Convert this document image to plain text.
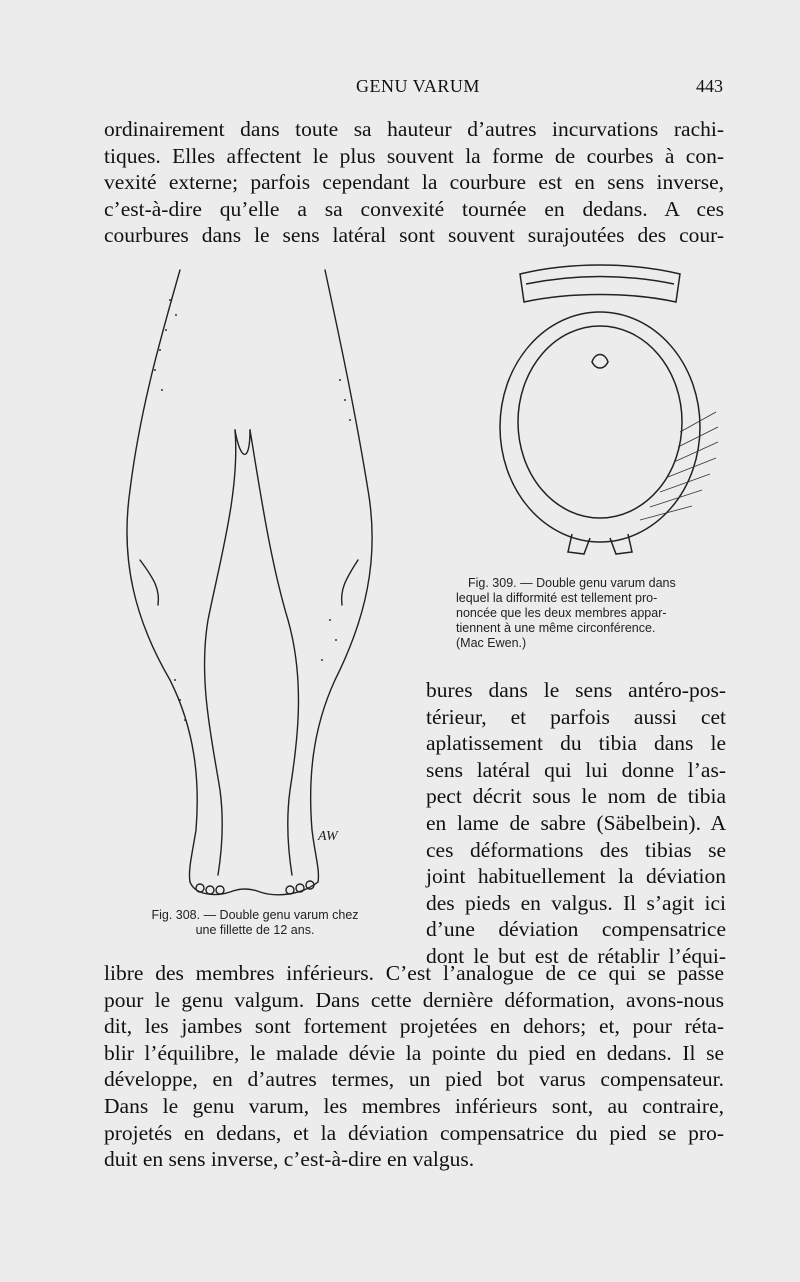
GENU VARUM	443

ordinairement dans toute sa hauteur d’autres incurvations rachi-

tiques. Elles affectent le plus souvent la forme de courbes à con-

vexité externe; parfois cependant la courbure est en sens inverse,

c’est-à-dire qu’elle a sa convexité tournée en dedans. A ces

courbures dans le sens latéral sont souvent surajoutées des cour-

AW
Fig. 309. — Double genu varum dans
lequel la difformité est tellement pro-
noncée que les deux membres appar-
tiennent à une même circonférence.
(Mac Ewen.)

bures dans le sens antéro-pos-

térieur, et parfois aussi cet

aplatissement du tibia dans le

sens latéral qui lui donne l’as-

pect décrit sous le nom de tibia

en lame de sabre (Säbelbein). A

ces déformations des tibias se

joint habituellement la déviation

des pieds en valgus. Il s’agit ici

d’une déviation compensatrice

dont le but est de rétablir l’équi-

Fig. 308. — Double genu varum chez
une fillette de 12 ans.

libre des membres inférieurs. C’est l’analogue de ce qui se passe

pour le genu valgum. Dans cette dernière déformation, avons-nous

dit, les jambes sont fortement projetées en dehors; et, pour réta-

blir l’équilibre, le malade dévie la pointe du pied en dedans. Il se

développe, en d’autres termes, un pied bot varus compensateur.

Dans le genu varum, les membres inférieurs sont, au contraire,

projetés en dedans, et la déviation compensatrice du pied se pro-

duit en sens inverse, c’est-à-dire en valgus.
